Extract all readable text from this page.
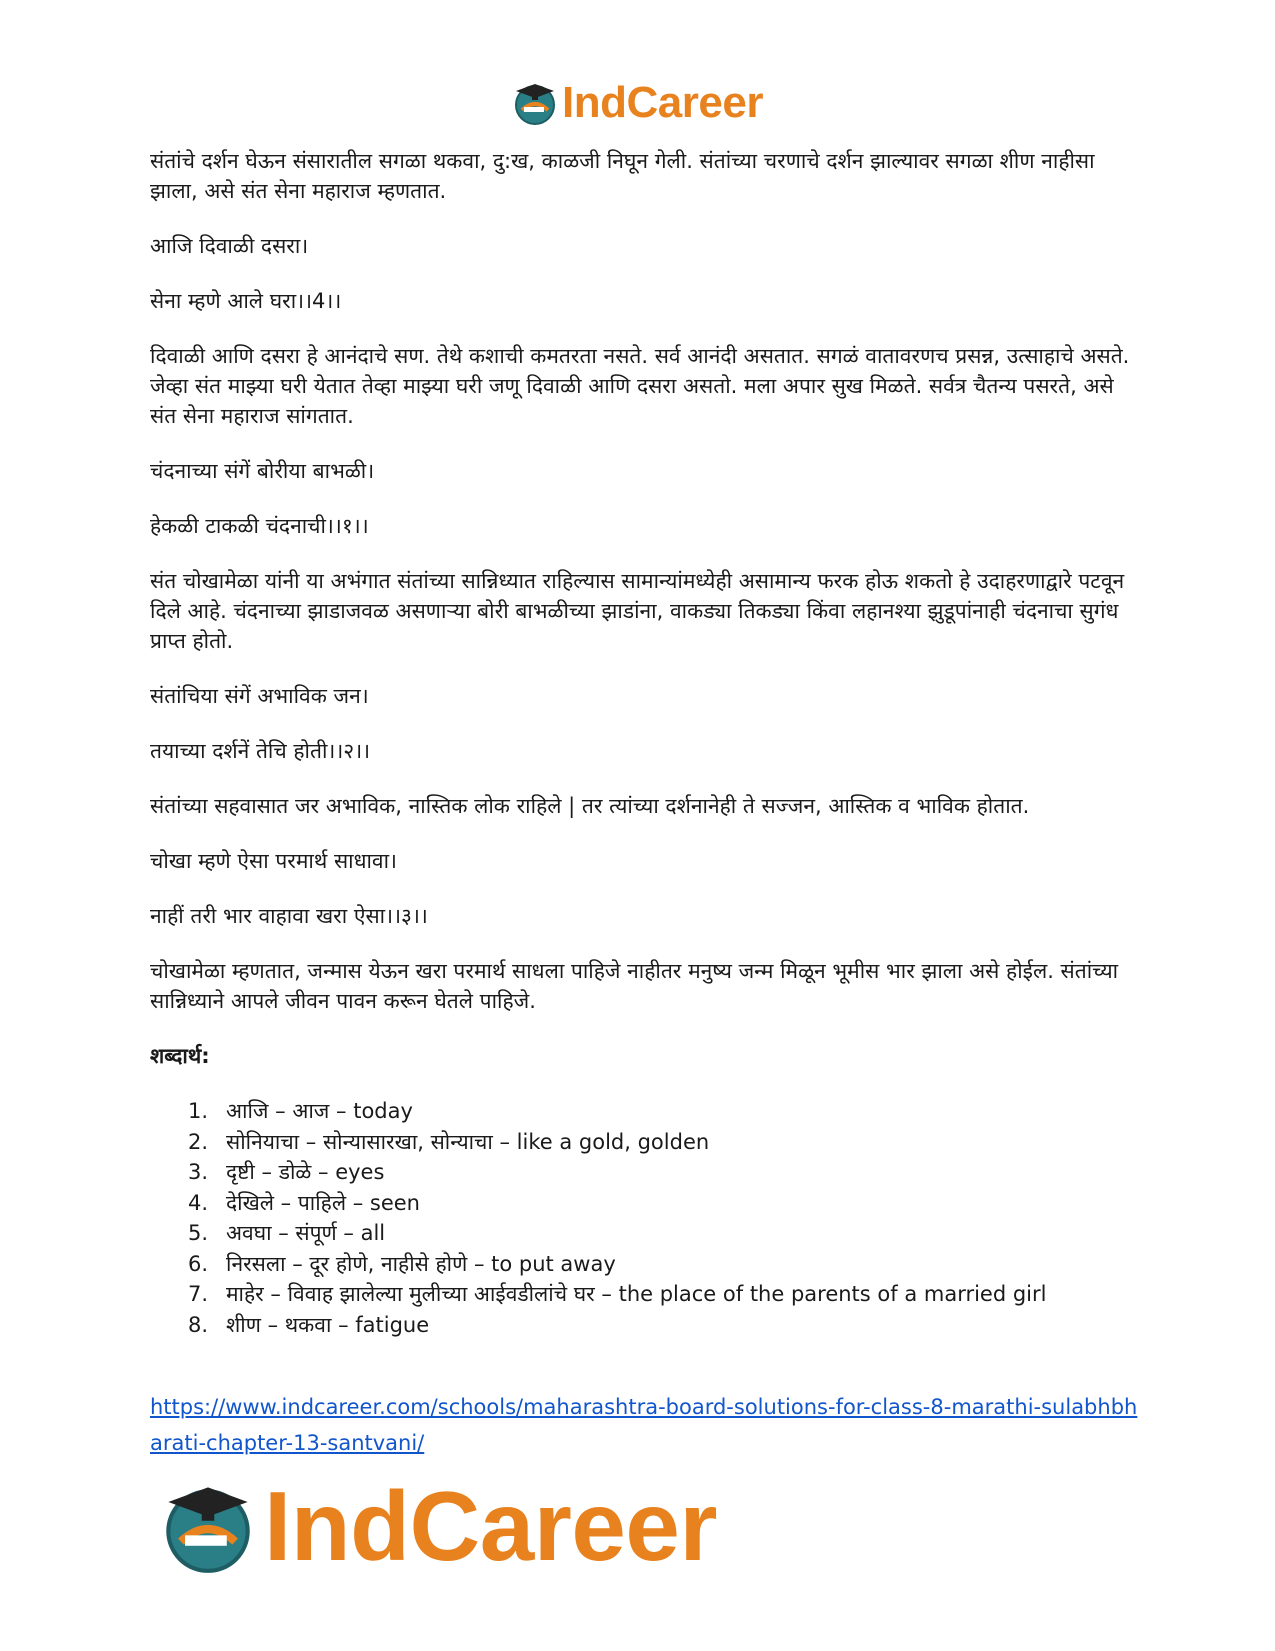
IndCareer

संतांचे दर्शन घेऊन संसारातील सगळा थकवा, दु:ख, काळजी निघून गेली. संतांच्या चरणाचे दर्शन झाल्यावर सगळा शीण नाहीसा झाला, असे संत सेना महाराज म्हणतात.

आजि दिवाळी दसरा।

सेना म्हणे आले घरा।।4।।

दिवाळी आणि दसरा हे आनंदाचे सण. तेथे कशाची कमतरता नसते. सर्व आनंदी असतात. सगळं वातावरणच प्रसन्न, उत्साहाचे असते. जेव्हा संत माझ्या घरी येतात तेव्हा माझ्या घरी जणू दिवाळी आणि दसरा असतो. मला अपार सुख मिळते. सर्वत्र चैतन्य पसरते, असे संत सेना महाराज सांगतात.

चंदनाच्या संगें बोरीया बाभळी।

हेकळी टाकळी चंदनाची।।१।।

संत चोखामेळा यांनी या अभंगात संतांच्या सान्निध्यात राहिल्यास सामान्यांमध्येही असामान्य फरक होऊ शकतो हे उदाहरणाद्वारे पटवून दिले आहे. चंदनाच्या झाडाजवळ असणाऱ्या बोरी बाभळीच्या झाडांना, वाकड्या तिकड्या किंवा लहानश्या झुडूपांनाही चंदनाचा सुगंध प्राप्त होतो.

संतांचिया संगें अभाविक जन।

तयाच्या दर्शनें तेचि होती।।२।।

संतांच्या सहवासात जर अभाविक, नास्तिक लोक राहिले | तर त्यांच्या दर्शनानेही ते सज्जन, आस्तिक व भाविक होतात.

चोखा म्हणे ऐसा परमार्थ साधावा।

नाहीं तरी भार वाहावा खरा ऐसा।।३।।

चोखामेळा म्हणतात, जन्मास येऊन खरा परमार्थ साधला पाहिजे नाहीतर मनुष्य जन्म मिळून भूमीस भार झाला असे होईल. संतांच्या सान्निध्याने आपले जीवन पावन करून घेतले पाहिजे.

शब्दार्थ:

1. आजि – आज – today
2. सोनियाचा – सोन्यासारखा, सोन्याचा – like a gold, golden
3. दृष्टी – डोळे – eyes
4. देखिले – पाहिले – seen
5. अवघा – संपूर्ण – all
6. निरसला – दूर होणे, नाहीसे होणे – to put away
7. माहेर – विवाह झालेल्या मुलीच्या आईवडीलांचे घर – the place of the parents of a married girl
8. शीण – थकवा – fatigue
https://www.indcareer.com/schools/maharashtra-board-solutions-for-class-8-marathi-sulabhbharati-chapter-13-santvani/
IndCareer
